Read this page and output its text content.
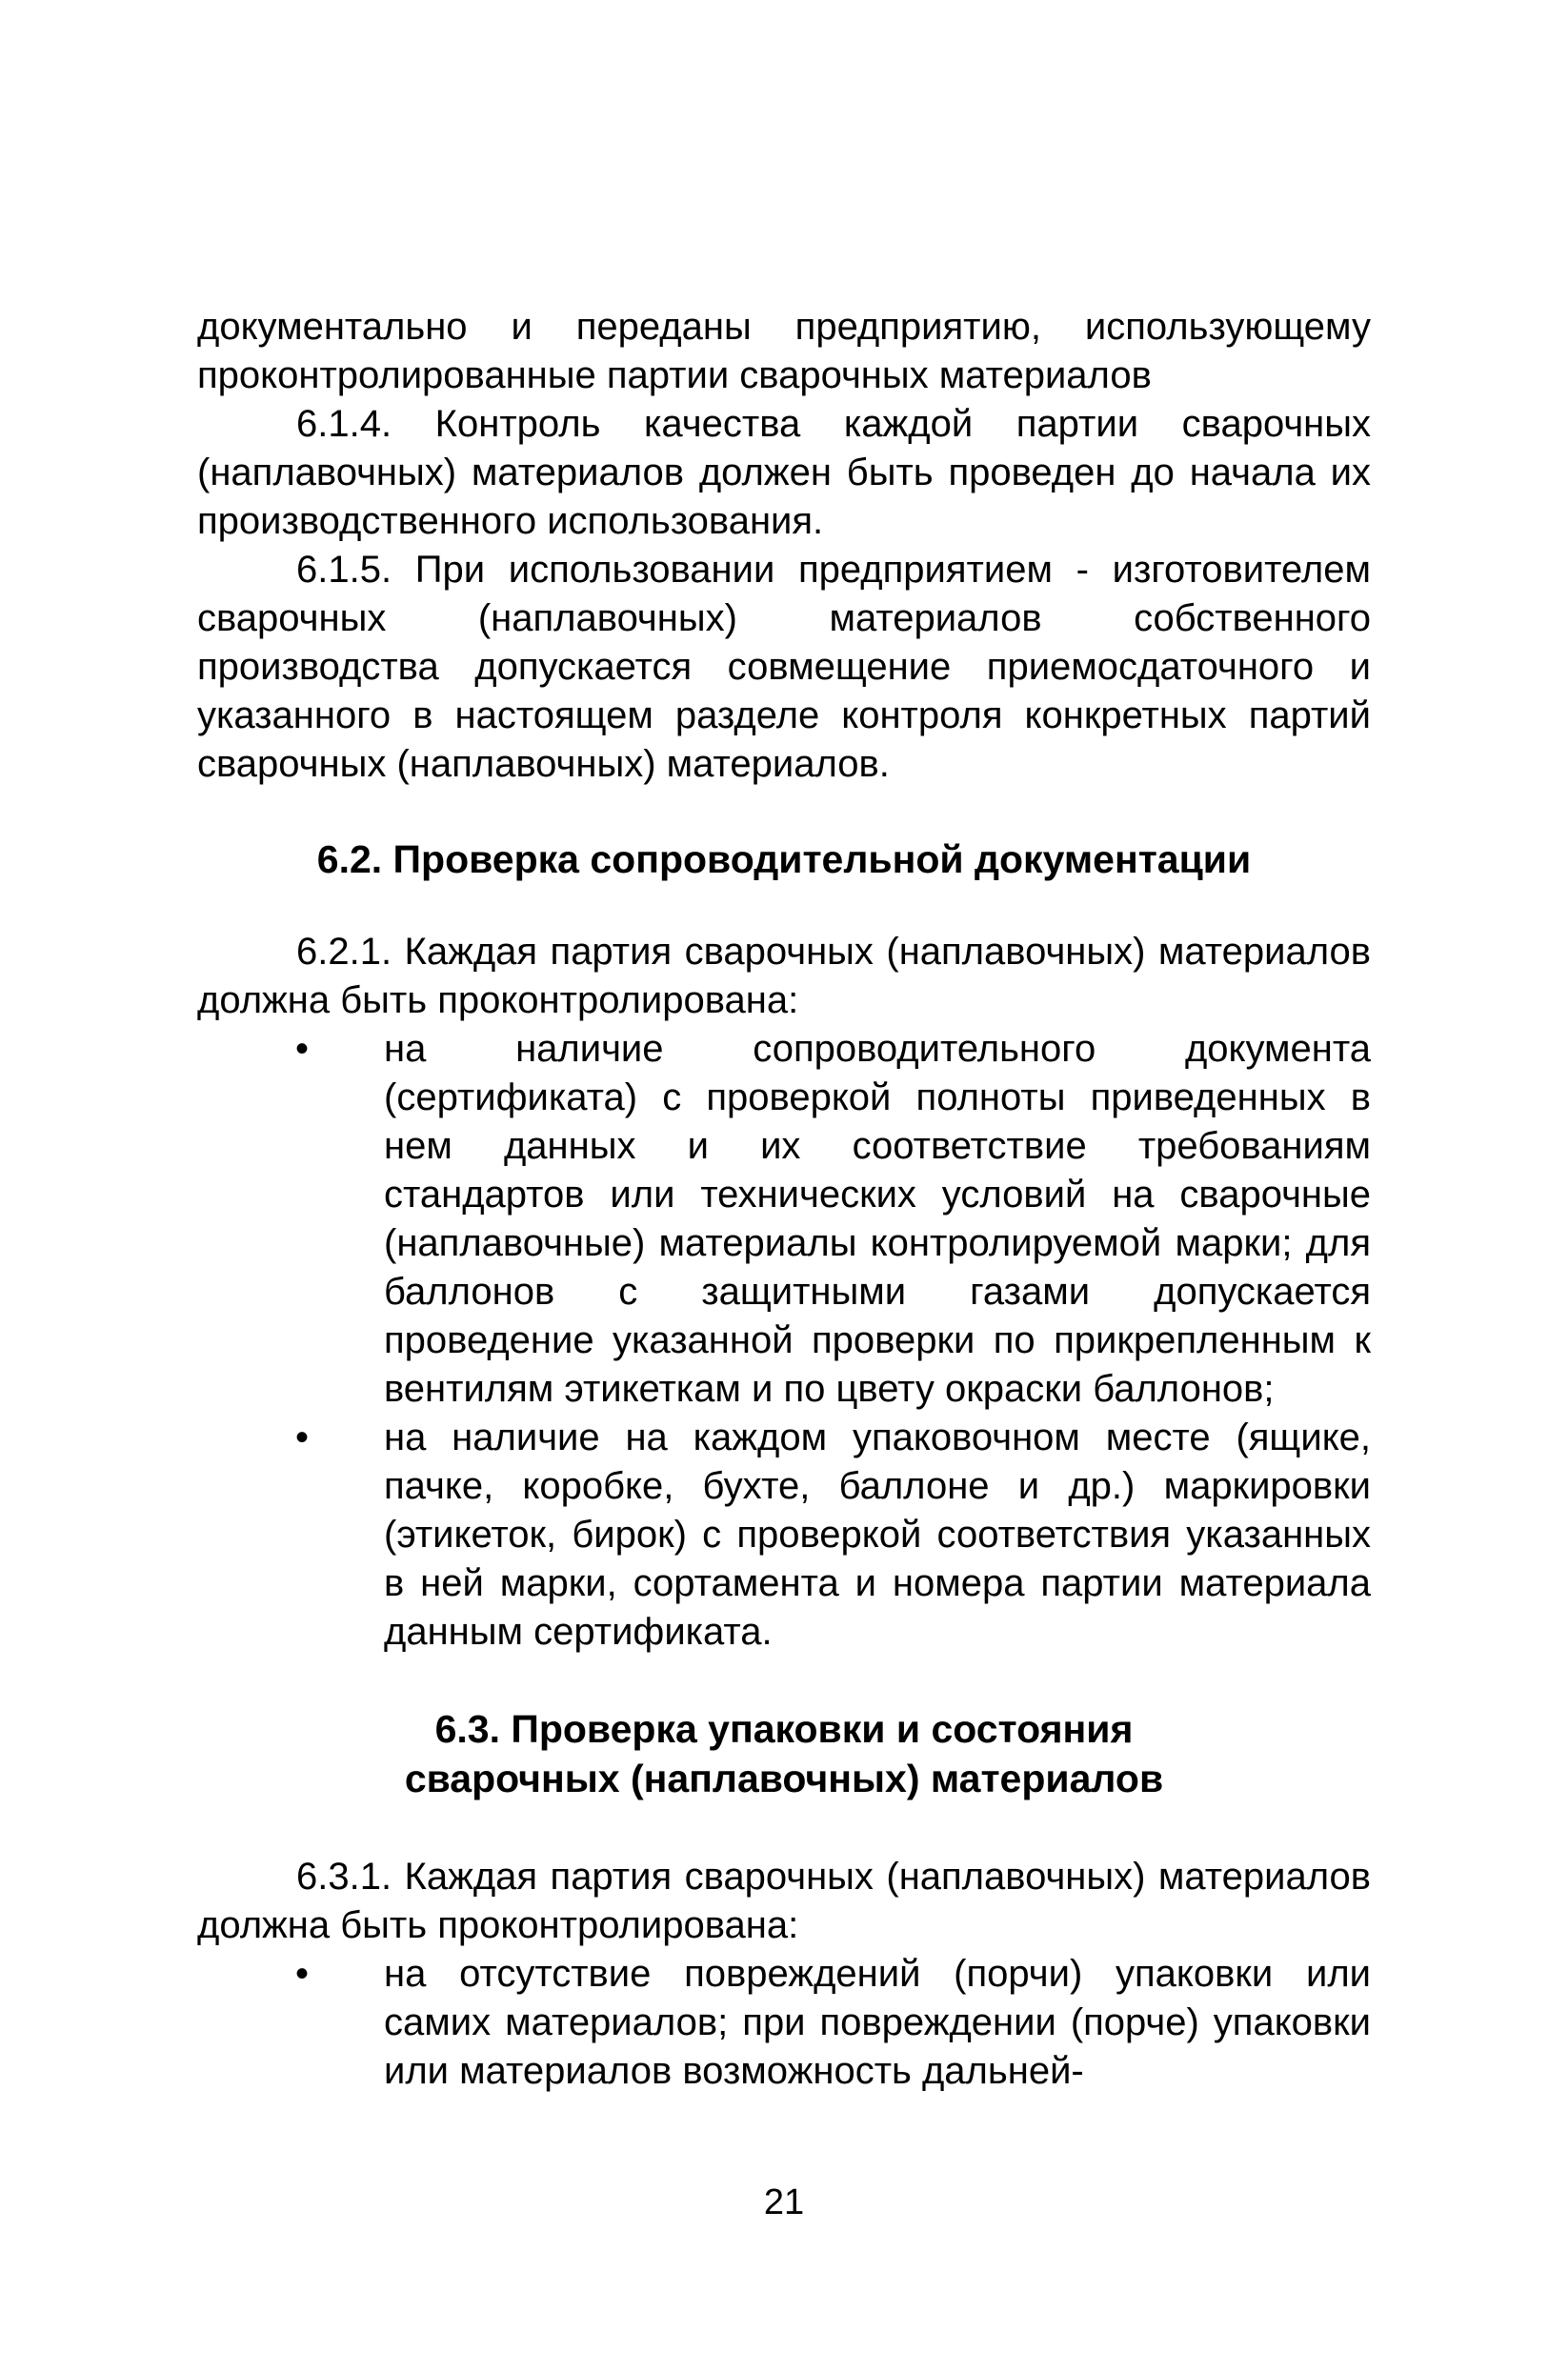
документально и переданы предприятию, использующему проконтролированные партии сварочных материалов

6.1.4. Контроль качества каждой партии сварочных (наплавочных) материалов должен быть проведен до начала их производственного использования.

6.1.5. При использовании предприятием - изготовителем сварочных (наплавочных) материалов собственного производства допускается совмещение приемосдаточного и указанного в настоящем разделе контроля конкретных партий сварочных (наплавочных) материалов.

6.2. Проверка сопроводительной документации

6.2.1. Каждая партия сварочных (наплавочных) материалов должна быть проконтролирована:

•	на наличие сопроводительного документа (сертификата) с проверкой полноты приведенных в нем данных и их соответствие требованиям стандартов или технических условий на сварочные (наплавочные) материалы контролируемой марки; для баллонов с защитными газами допускается проведение указанной проверки по прикрепленным к вентилям этикеткам и по цвету окраски баллонов;
•	на наличие на каждом упаковочном месте (ящике, пачке, коробке, бухте, баллоне и др.) маркировки (этикеток, бирок) с проверкой соответствия указанных в ней марки, сортамента и номера партии материала данным сертификата.
6.3. Проверка упаковки и состояния
сварочных (наплавочных) материалов

6.3.1. Каждая партия сварочных (наплавочных) материалов должна быть проконтролирована:

•	на отсутствие повреждений (порчи) упаковки или самих материалов; при повреждении (порче) упаковки или материалов возможность дальней-
21
